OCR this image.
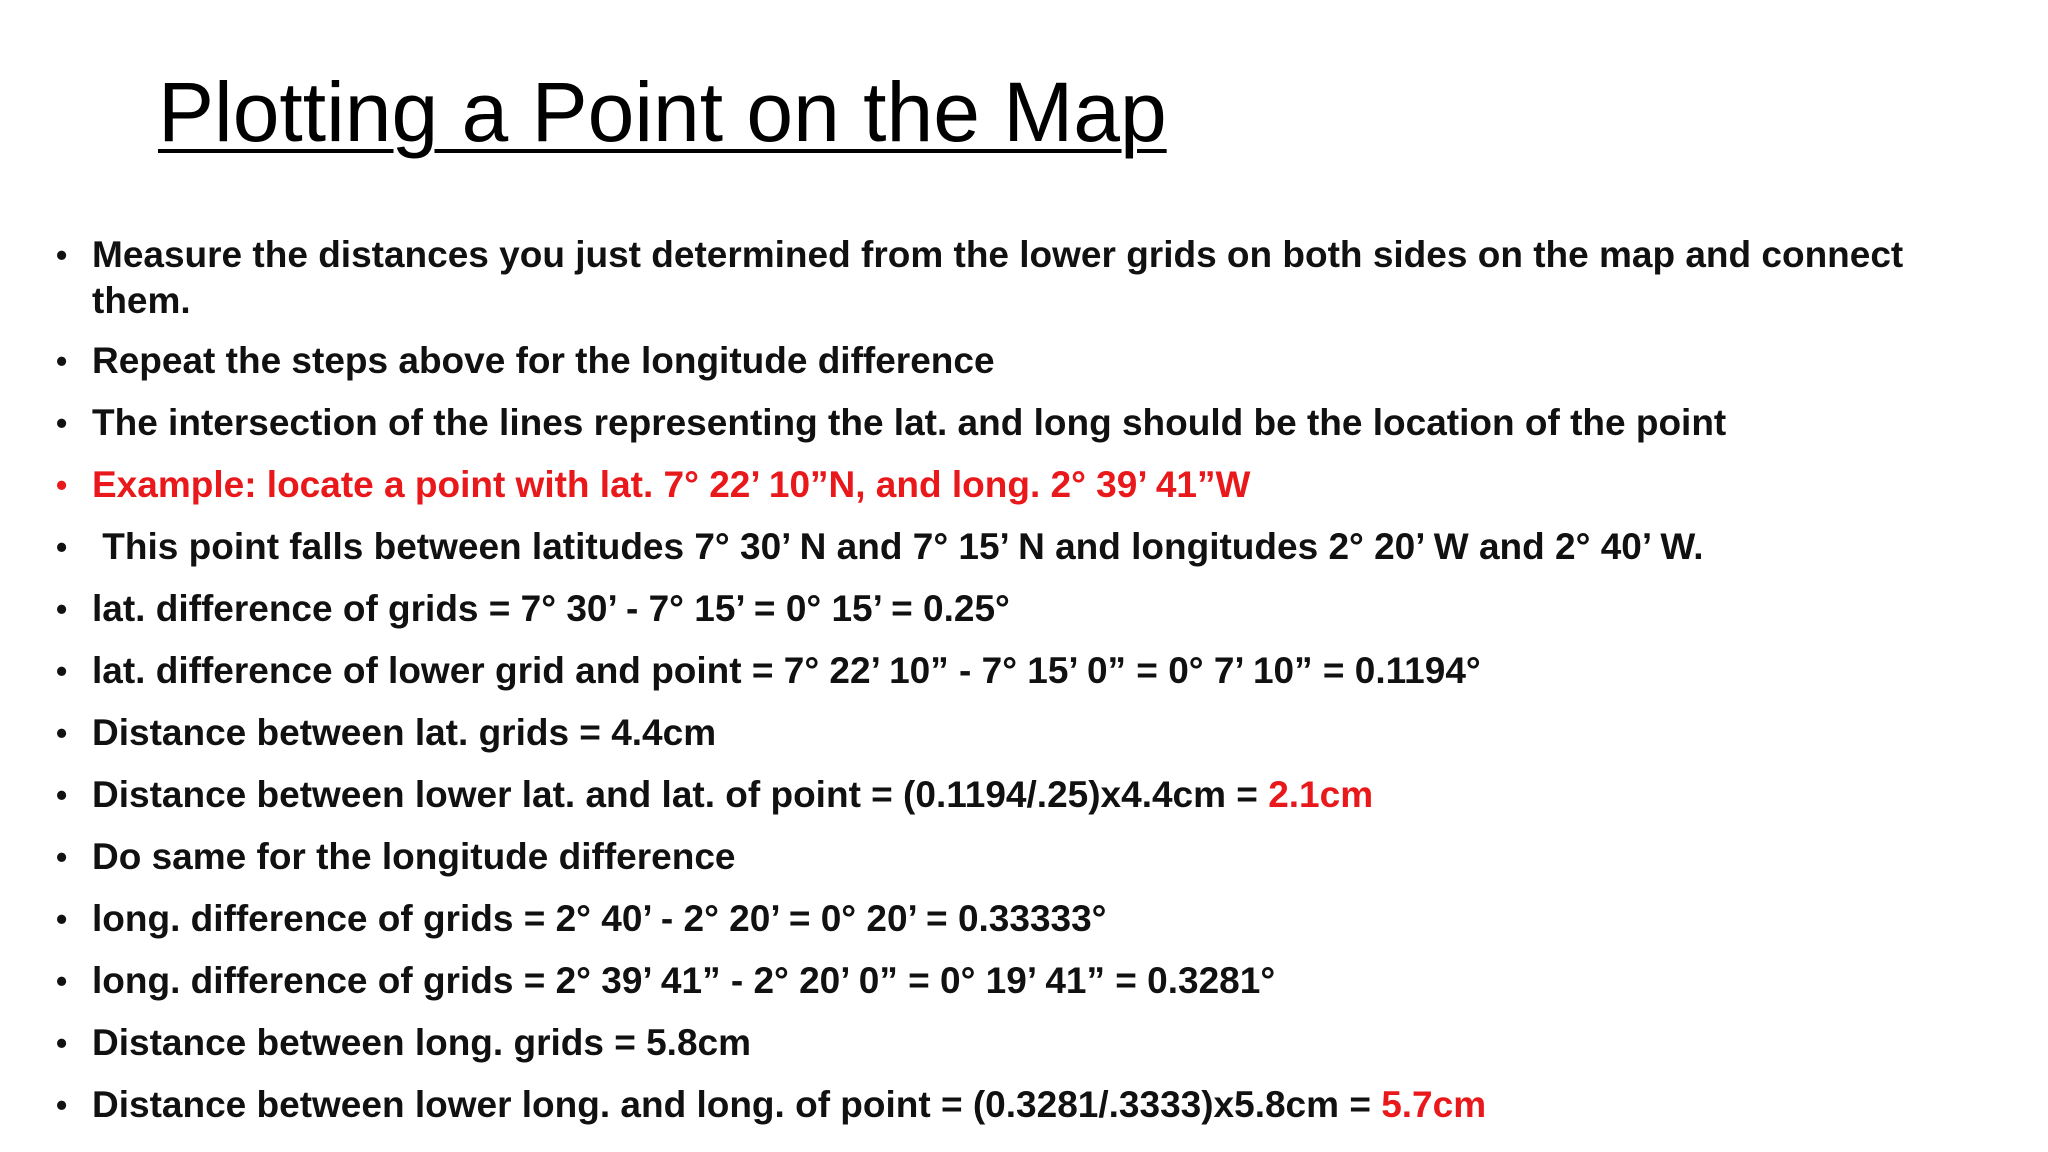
Plotting a Point on the Map
• Measure the distances you just determined from the lower grids on both sides on the map and connect them.
• Repeat the steps above for the longitude difference
• The intersection of the lines representing the lat. and long should be the location of the point
• Example: locate a point with lat. 7° 22’ 10”N, and long. 2° 39’ 41”W
• This point falls between latitudes 7° 30’ N and 7° 15’ N and longitudes 2° 20’ W and 2° 40’ W.
• lat. difference of grids = 7° 30’ - 7° 15’ = 0° 15’ = 0.25°
• lat. difference of lower grid and point = 7° 22’ 10” - 7° 15’ 0” = 0° 7’ 10” = 0.1194°
• Distance between lat. grids = 4.4cm
• Distance between lower lat. and lat. of point = (0.1194/.25)x4.4cm = 2.1cm
• Do same for the longitude difference
• long. difference of grids = 2° 40’ - 2° 20’ = 0° 20’ = 0.33333°
• long. difference of grids = 2° 39’ 41” - 2° 20’ 0” = 0° 19’ 41” = 0.3281°
• Distance between long. grids = 5.8cm
• Distance between lower long. and long. of point = (0.3281/.3333)x5.8cm = 5.7cm
